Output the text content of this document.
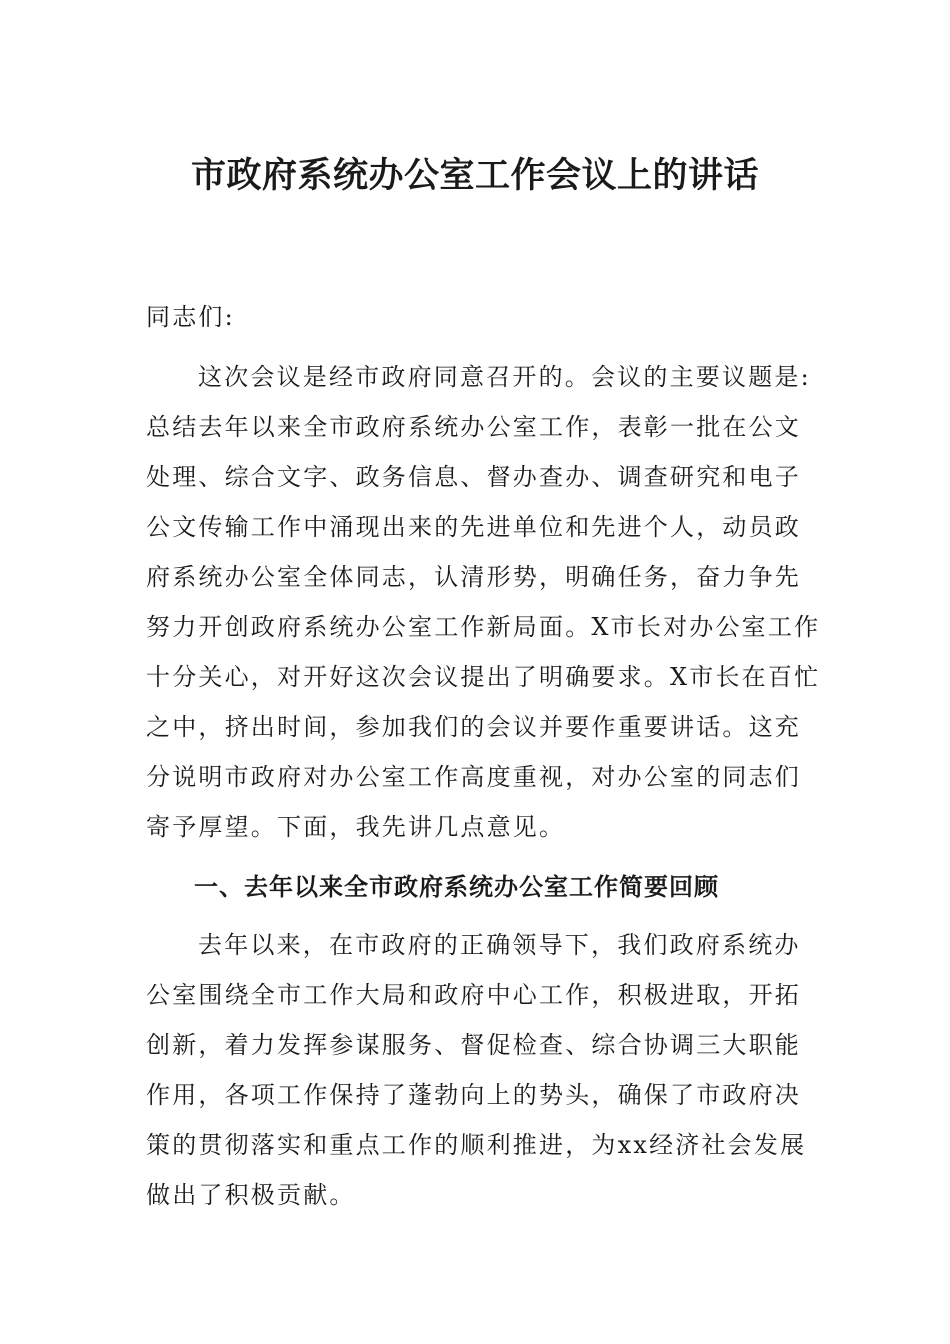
市政府系统办公室工作会议上的讲话

同志们:

这次会议是经市政府同意召开的。会议的主要议题是:
总结去年以来全市政府系统办公室工作，表彰一批在公文
处理、综合文字、政务信息、督办查办、调查研究和电子
公文传输工作中涌现出来的先进单位和先进个人，动员政
府系统办公室全体同志，认清形势，明确任务，奋力争先
努力开创政府系统办公室工作新局面。X市长对办公室工作
十分关心，对开好这次会议提出了明确要求。X市长在百忙
之中，挤出时间，参加我们的会议并要作重要讲话。这充
分说明市政府对办公室工作高度重视，对办公室的同志们
寄予厚望。下面，我先讲几点意见。
一、去年以来全市政府系统办公室工作简要回顾
去年以来，在市政府的正确领导下，我们政府系统办
公室围绕全市工作大局和政府中心工作，积极进取，开拓
创新，着力发挥参谋服务、督促检查、综合协调三大职能
作用，各项工作保持了蓬勃向上的势头，确保了市政府决
策的贯彻落实和重点工作的顺利推进，为xx经济社会发展
做出了积极贡献。
